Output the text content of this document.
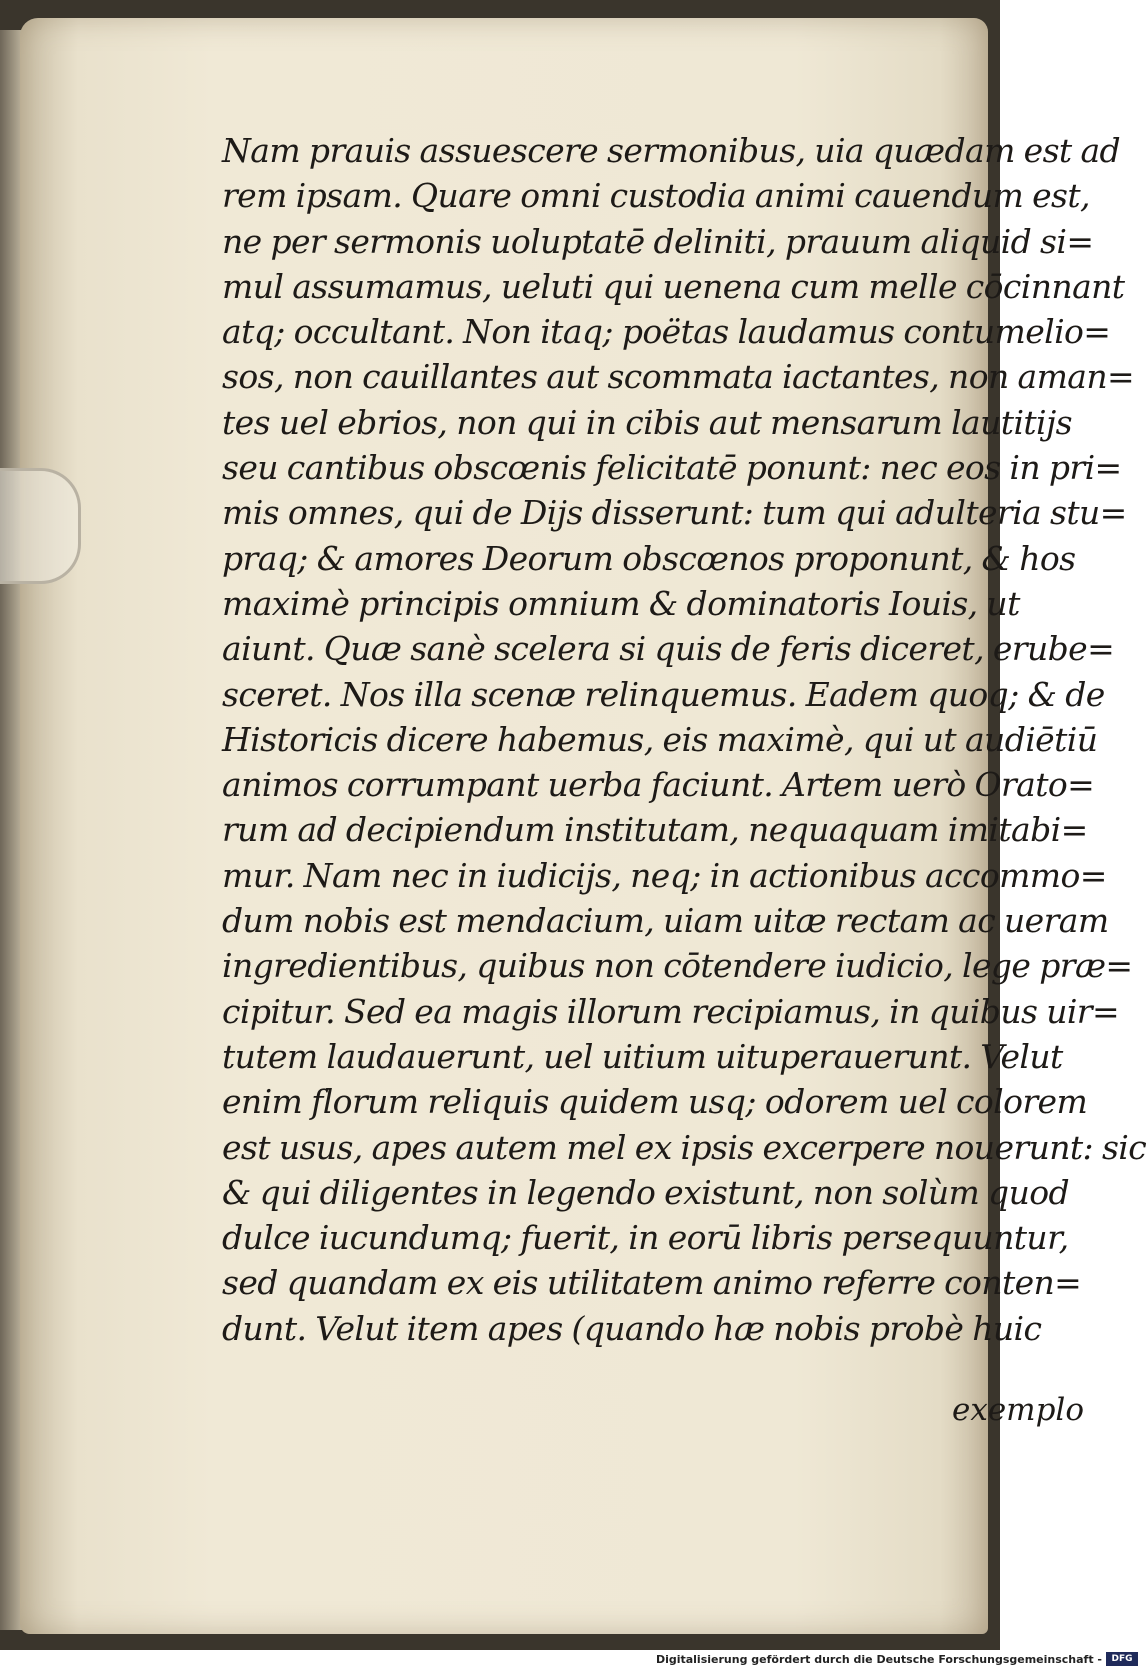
Nam prauis assuescere sermonibus, uia quædam est ad
rem ipsam. Quare omni custodia animi cauendum est,
ne per sermonis uoluptatē deliniti, prauum aliquid si=
mul assumamus, ueluti qui uenena cum melle cōcinnant
atq; occultant. Non itaq; poëtas laudamus contumelio=
sos, non cauillantes aut scommata iactantes, non aman=
tes uel ebrios, non qui in cibis aut mensarum lautitijs
seu cantibus obscœnis felicitatē ponunt: nec eos in pri=
mis omnes, qui de Dijs disserunt: tum qui adulteria stu=
praq; & amores Deorum obscœnos proponunt, & hos
maximè principis omnium & dominatoris Iouis, ut
aiunt. Quæ sanè scelera si quis de feris diceret, erube=
sceret. Nos illa scenæ relinquemus. Eadem quoq; & de
Historicis dicere habemus, eis maximè, qui ut audiētiū
animos corrumpant uerba faciunt. Artem uerò Orato=
rum ad decipiendum institutam, nequaquam imitabi=
mur. Nam nec in iudicijs, neq; in actionibus accommo=
dum nobis est mendacium, uiam uitæ rectam ac ueram
ingredientibus, quibus non cōtendere iudicio, lege præ=
cipitur. Sed ea magis illorum recipiamus, in quibus uir=
tutem laudauerunt, uel uitium uituperauerunt. Velut
enim florum reliquis quidem usq; odorem uel colorem
est usus, apes autem mel ex ipsis excerpere nouerunt: sic
& qui diligentes in legendo existunt, non solùm quod
dulce iucundumq; fuerit, in eorū libris persequuntur,
sed quandam ex eis utilitatem animo referre conten=
dunt. Velut item apes (quando hæ nobis probè huic
exemplo
Digitalisierung gefördert durch die Deutsche Forschungsgemeinschaft -	DFG
